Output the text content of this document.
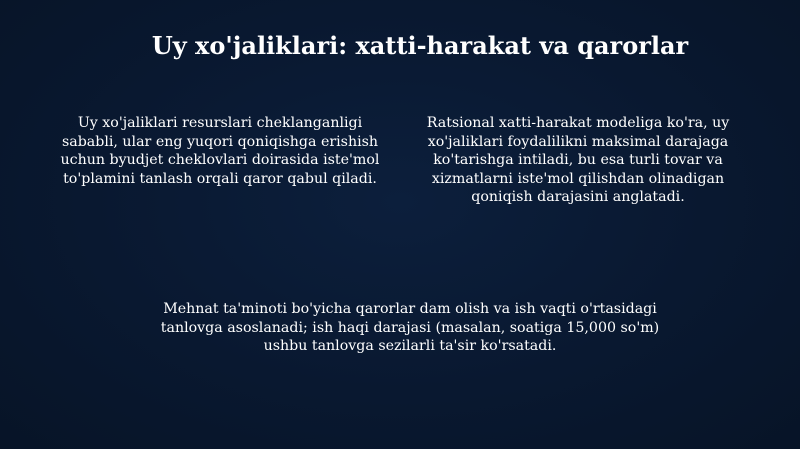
Uy xo'jaliklari: xatti-harakat va qarorlar

Uy xo'jaliklari resurslari cheklanganligi sababli, ular eng yuqori qoniqishga erishish uchun byudjet cheklovlari doirasida iste'mol to'plamini tanlash orqali qaror qabul qiladi.

Ratsional xatti-harakat modeliga ko'ra, uy xo'jaliklari foydalilikni maksimal darajaga ko'tarishga intiladi, bu esa turli tovar va xizmatlarni iste'mol qilishdan olinadigan qoniqish darajasini anglatadi.

Mehnat ta'minoti bo'yicha qarorlar dam olish va ish vaqti o'rtasidagi tanlovga asoslanadi; ish haqi darajasi (masalan, soatiga 15,000 so'm) ushbu tanlovga sezilarli ta'sir ko'rsatadi.
